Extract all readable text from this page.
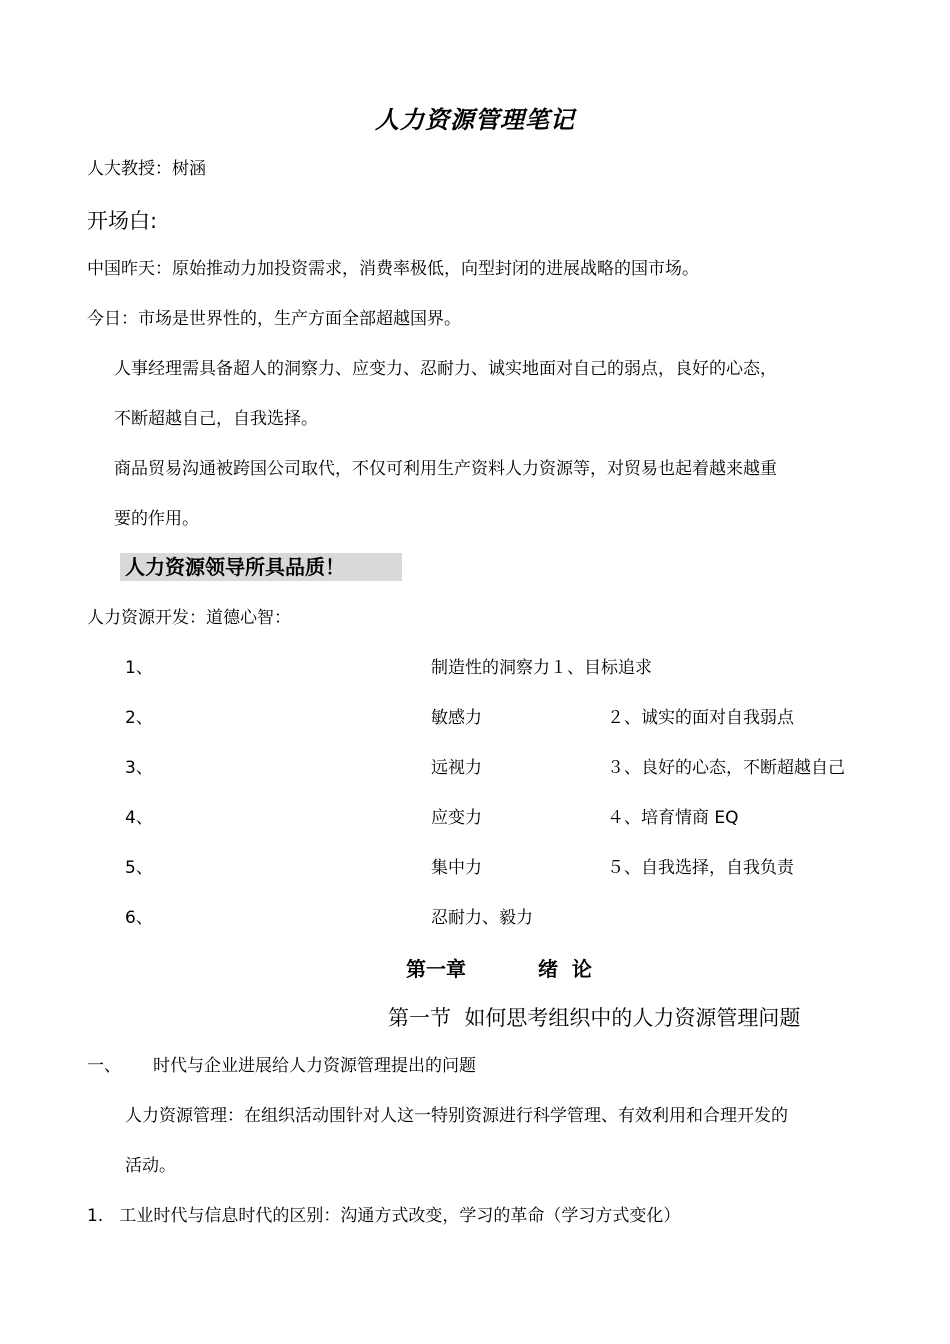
人力资源管理笔记
人大教授：树涵
开场白:
中国昨天：原始推动力加投资需求，消费率极低，向型封闭的进展战略的国市场。
今日：市场是世界性的，生产方面全部超越国界。
人事经理需具备超人的洞察力、应变力、忍耐力、诚实地面对自己的弱点，良好的心态，
不断超越自己，自我选择。
商品贸易沟通被跨国公司取代，不仅可利用生产资料人力资源等，对贸易也起着越来越重
要的作用。
人力资源领导所具品质！
人力资源开发：道德心智：
1、	制造性的洞察力１、目标追求
2、	敏感力	２、诚实的面对自我弱点
3、	远视力	３、良好的心态，不断超越自己
4、	应变力	４、培育情商 EQ
5、	集中力	５、自我选择，自我负责
6、	忍耐力、毅力
第一章	绪  论
第一节  如何思考组织中的人力资源管理问题
一、 时代与企业进展给人力资源管理提出的问题
人力资源管理：在组织活动围针对人这一特别资源进行科学管理、有效利用和合理开发的
活动。
1.   工业时代与信息时代的区别：沟通方式改变，学习的革命（学习方式变化）
